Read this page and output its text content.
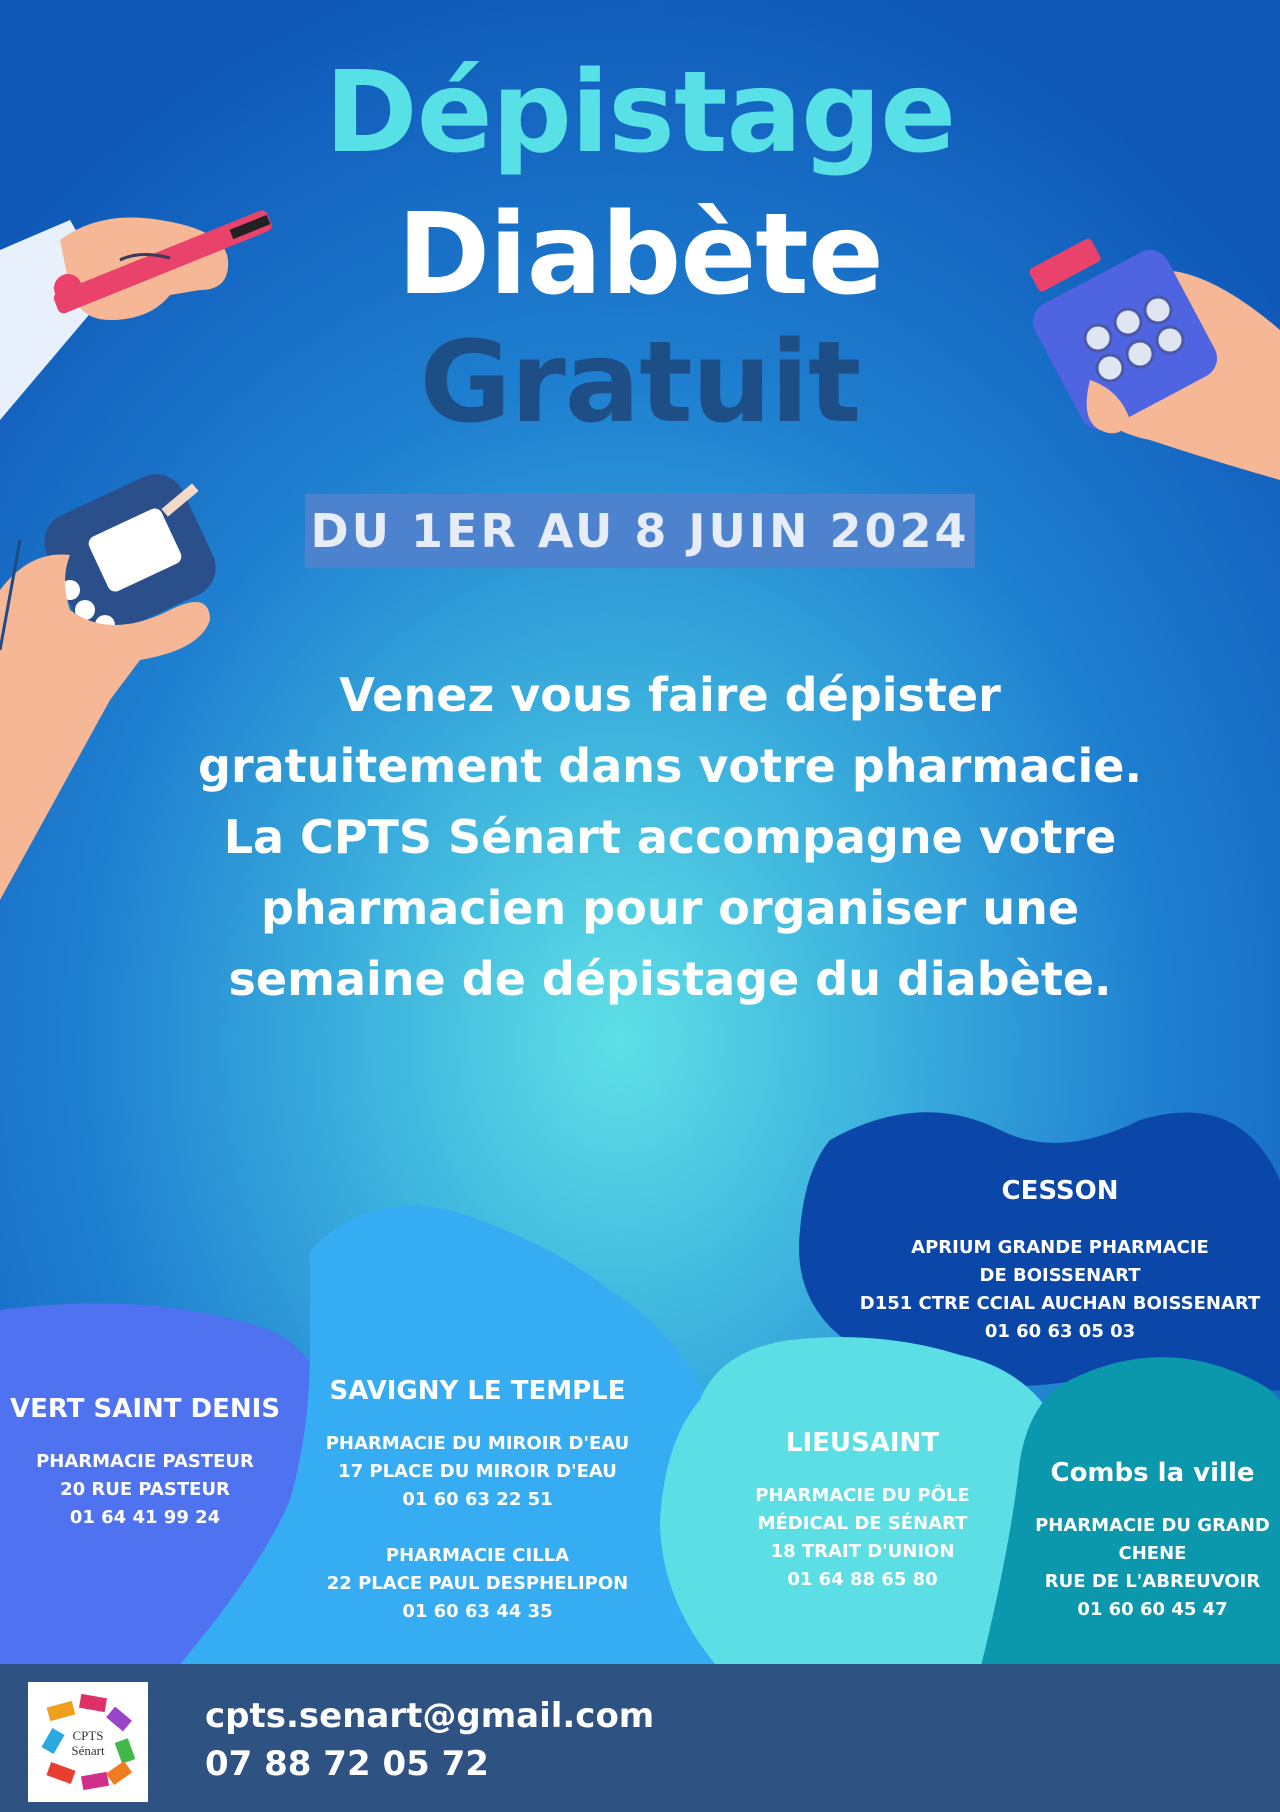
Dépistage
Diabète
Gratuit
DU 1ER AU 8 JUIN 2024
Venez vous faire dépister
gratuitement dans votre pharmacie.
La CPTS Sénart accompagne votre
pharmacien pour organiser une
semaine de dépistage du diabète.
CESSON
APRIUM GRANDE PHARMACIE
DE BOISSENART
D151 CTRE CCIAL AUCHAN BOISSENART
01 60 63 05 03
VERT SAINT DENIS
PHARMACIE PASTEUR
20 RUE PASTEUR
01 64 41 99 24
SAVIGNY LE TEMPLE
PHARMACIE DU MIROIR D'EAU
17 PLACE DU MIROIR D'EAU
01 60 63 22 51

PHARMACIE CILLA
22 PLACE PAUL DESPHELIPON
01 60 63 44 35
LIEUSAINT
PHARMACIE DU PÔLE
MÉDICAL DE SÉNART
18 TRAIT D'UNION
01 64 88 65 80
Combs la ville
PHARMACIE DU GRAND
CHENE
RUE DE L'ABREUVOIR
01 60 60 45 47
CPTS
Sénart
cpts.senart@gmail.com
07 88 72 05 72
